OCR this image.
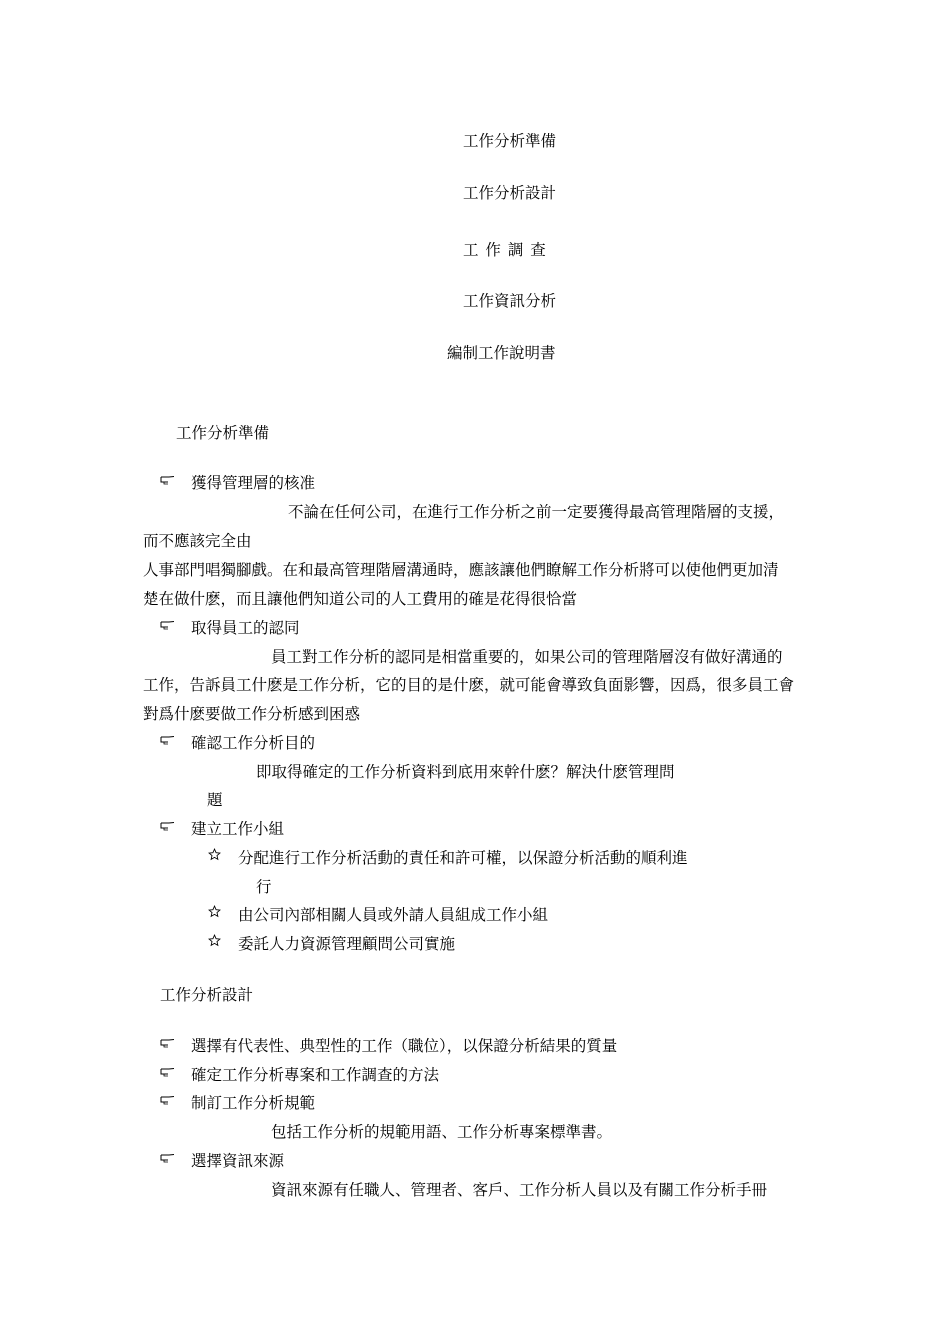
工作分析準備
工作分析設計
工 作 調 查
工作資訊分析
編制工作說明書
工作分析準備
獲得管理層的核准
不論在任何公司，在進行工作分析之前一定要獲得最高管理階層的支援，
而不應該完全由
人事部門唱獨腳戲。在和最高管理階層溝通時，應該讓他們瞭解工作分析將可以使他們更加清
楚在做什麽，而且讓他們知道公司的人工費用的確是花得很恰當
取得員工的認同
員工對工作分析的認同是相當重要的，如果公司的管理階層沒有做好溝通的
工作，告訴員工什麽是工作分析，它的目的是什麽，就可能會導致負面影響，因爲，很多員工會
對爲什麽要做工作分析感到困惑
確認工作分析目的
即取得確定的工作分析資料到底用來幹什麽？解決什麽管理問
題
建立工作小組
分配進行工作分析活動的責任和許可權，以保證分析活動的順利進
行
由公司內部相關人員或外請人員組成工作小組
委託人力資源管理顧問公司實施
工作分析設計
選擇有代表性、典型性的工作（職位），以保證分析結果的質量
確定工作分析專案和工作調查的方法
制訂工作分析規範
包括工作分析的規範用語、工作分析專案標準書。
選擇資訊來源
資訊來源有任職人、管理者、客戶、工作分析人員以及有關工作分析手冊
